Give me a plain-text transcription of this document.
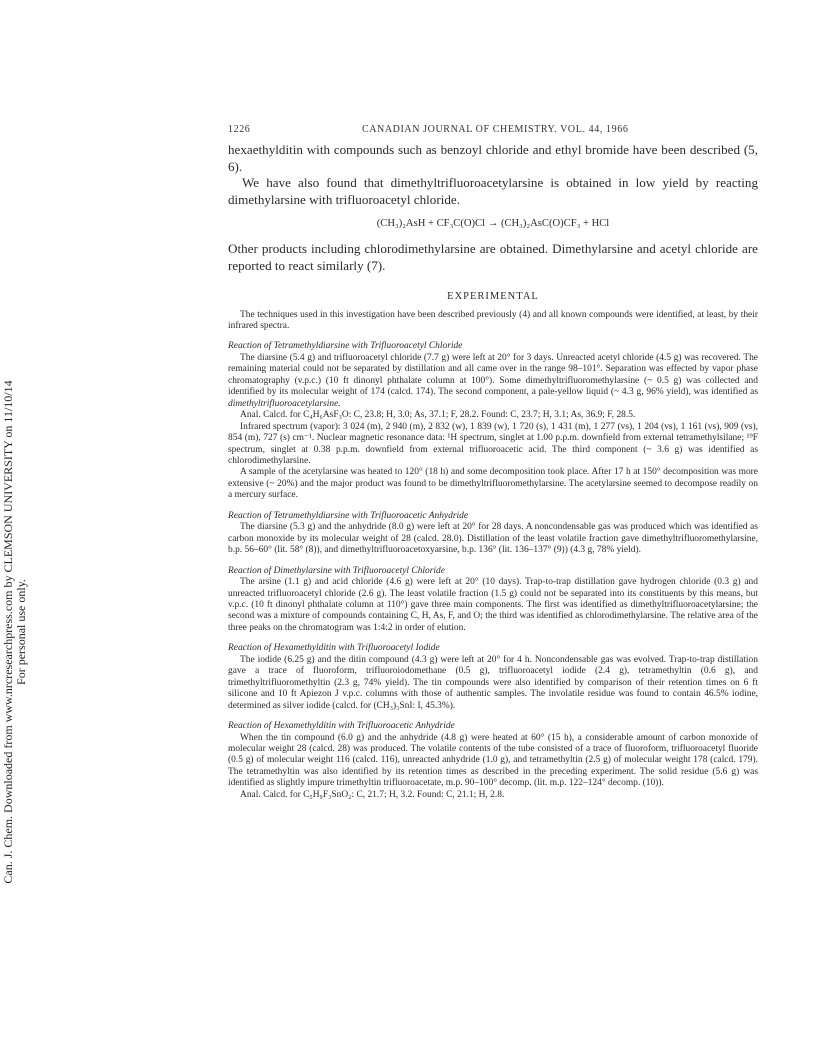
Can. J. Chem. Downloaded from www.nrcresearchpress.com by CLEMSON UNIVERSITY on 11/10/14 For personal use only.
1226	CANADIAN JOURNAL OF CHEMISTRY. VOL. 44, 1966

hexaethylditin with compounds such as benzoyl chloride and ethyl bromide have been described (5, 6).

We have also found that dimethyltrifluoroacetylarsine is obtained in low yield by reacting dimethylarsine with trifluoroacetyl chloride.

(CH₃)₂AsH + CF₃C(O)Cl → (CH₃)₂AsC(O)CF₃ + HCl

Other products including chlorodimethylarsine are obtained. Dimethylarsine and acetyl chloride are reported to react similarly (7).

EXPERIMENTAL

The techniques used in this investigation have been described previously (4) and all known compounds were identified, at least, by their infrared spectra.

Reaction of Tetramethyldiarsine with Trifluoroacetyl Chloride

The diarsine (5.4 g) and trifluoroacetyl chloride (7.7 g) were left at 20° for 3 days. Unreacted acetyl chloride (4.5 g) was recovered. The remaining material could not be separated by distillation and all came over in the range 98–101°. Separation was effected by vapor phase chromatography (v.p.c.) (10 ft dinonyl phthalate column at 100°). Some dimethyltrifluoromethylarsine (~ 0.5 g) was collected and identified by its molecular weight of 174 (calcd. 174). The second component, a pale-yellow liquid (~ 4.3 g, 96% yield), was identified as dimethyltrifluoroacetylarsine.

Anal. Calcd. for C₄H₆AsF₃O: C, 23.8; H, 3.0; As, 37.1; F, 28.2. Found: C, 23.7; H, 3.1; As, 36.9; F, 28.5.

Infrared spectrum (vapor): 3 024 (m), 2 940 (m), 2 832 (w), 1 839 (w), 1 720 (s), 1 431 (m), 1 277 (vs), 1 204 (vs), 1 161 (vs), 909 (vs), 854 (m), 727 (s) cm⁻¹. Nuclear magnetic resonance data: ¹H spectrum, singlet at 1.00 p.p.m. downfield from external tetramethylsilane; ¹⁹F spectrum, singlet at 0.38 p.p.m. downfield from external trifluoroacetic acid. The third component (~ 3.6 g) was identified as chlorodimethylarsine.

A sample of the acetylarsine was heated to 120° (18 h) and some decomposition took place. After 17 h at 150° decomposition was more extensive (~ 20%) and the major product was found to be dimethyltrifluoromethylarsine. The acetylarsine seemed to decompose readily on a mercury surface.

Reaction of Tetramethyldiarsine with Trifluoroacetic Anhydride

The diarsine (5.3 g) and the anhydride (8.0 g) were left at 20° for 28 days. A noncondensable gas was produced which was identified as carbon monoxide by its molecular weight of 28 (calcd. 28.0). Distillation of the least volatile fraction gave dimethyltrifluoromethylarsine, b.p. 56–60° (lit. 58° (8)), and dimethyltrifluoroacetoxyarsine, b.p. 136° (lit. 136–137° (9)) (4.3 g, 78% yield).

Reaction of Dimethylarsine with Trifluoroacetyl Chloride

The arsine (1.1 g) and acid chloride (4.6 g) were left at 20° (10 days). Trap-to-trap distillation gave hydrogen chloride (0.3 g) and unreacted trifluoroacetyl chloride (2.6 g). The least volatile fraction (1.5 g) could not be separated into its constituents by this means, but v.p.c. (10 ft dinonyl phthalate column at 110°) gave three main components. The first was identified as dimethyltrifluoroacetylarsine; the second was a mixture of compounds containing C, H, As, F, and O; the third was identified as chlorodimethylarsine. The relative area of the three peaks on the chromatogram was 1:4:2 in order of elution.

Reaction of Hexamethylditin with Trifluoroacetyl Iodide

The iodide (6.25 g) and the ditin compound (4.3 g) were left at 20° for 4 h. Noncondensable gas was evolved. Trap-to-trap distillation gave a trace of fluoroform, trifluoroiodomethane (0.5 g), trifluoroacetyl iodide (2.4 g), tetramethyltin (0.6 g), and trimethyltrifluoromethyltin (2.3 g, 74% yield). The tin compounds were also identified by comparison of their retention times on 6 ft silicone and 10 ft Apiezon J v.p.c. columns with those of authentic samples. The involatile residue was found to contain 46.5% iodine, determined as silver iodide (calcd. for (CH₃)₃SnI: I, 45.3%).

Reaction of Hexamethylditin with Trifluoroacetic Anhydride

When the tin compound (6.0 g) and the anhydride (4.8 g) were heated at 60° (15 h), a considerable amount of carbon monoxide of molecular weight 28 (calcd. 28) was produced. The volatile contents of the tube consisted of a trace of fluoroform, trifluoroacetyl fluoride (0.5 g) of molecular weight 116 (calcd. 116), unreacted anhydride (1.0 g), and tetramethyltin (2.5 g) of molecular weight 178 (calcd. 179). The tetramethyltin was also identified by its retention times as described in the preceding experiment. The solid residue (5.6 g) was identified as slightly impure trimethyltin trifluoroacetate, m.p. 90–100° decomp. (lit. m.p. 122–124° decomp. (10)).

Anal. Calcd. for C₅H₉F₃SnO₂: C, 21.7; H, 3.2. Found: C, 21.1; H, 2.8.
